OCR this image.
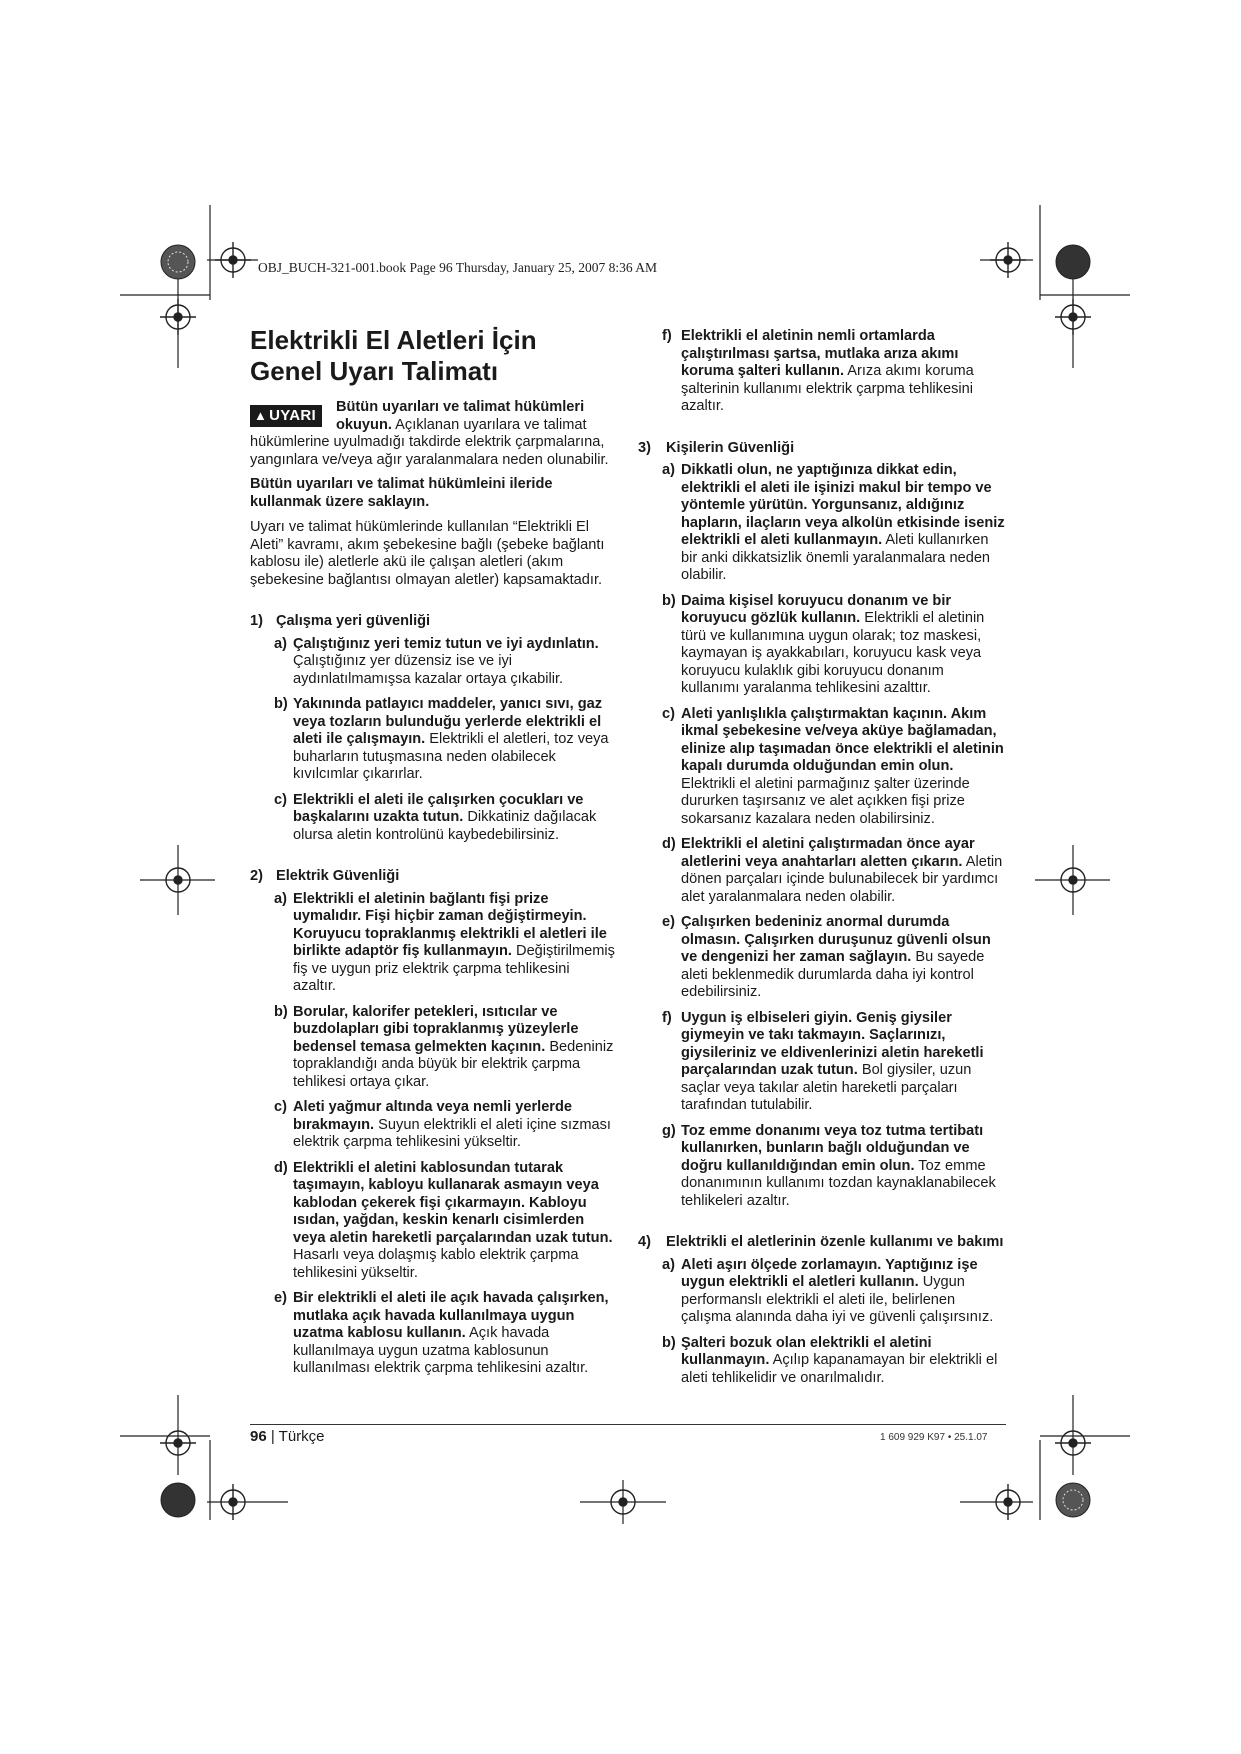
OBJ_BUCH-321-001.book Page 96 Thursday, January 25, 2007 8:36 AM
Elektrikli El Aletleri İçin
Genel Uyarı Talimatı
▲ UYARI	Bütün uyarıları ve talimat hükümleri okuyun. Açıklanan uyarılara ve talimat hükümlerine uyulmadığı takdirde elektrik çarpmalarına, yangınlara ve/veya ağır yaralanmalara neden olunabilir.

Bütün uyarıları ve talimat hükümleini ileride kullanmak üzere saklayın.

Uyarı ve talimat hükümlerinde kullanılan “Elektrikli El Aleti” kavramı, akım şebekesine bağlı (şebeke bağlantı kablosu ile) aletlerle akü ile çalışan aletleri (akım şebekesine bağlantısı olmayan aletler) kapsamaktadır.

1) Çalışma yeri güvenliği
a) Çalıştığınız yeri temiz tutun ve iyi aydınlatın. Çalıştığınız yer düzensiz ise ve iyi aydınlatılmamışsa kazalar ortaya çıkabilir.
b) Yakınında patlayıcı maddeler, yanıcı sıvı, gaz veya tozların bulunduğu yerlerde elektrikli el aleti ile çalışmayın. Elektrikli el aletleri, toz veya buharların tutuşmasına neden olabilecek kıvılcımlar çıkarırlar.
c) Elektrikli el aleti ile çalışırken çocukları ve başkalarını uzakta tutun. Dikkatiniz dağılacak olursa aletin kontrolünü kaybedebilirsiniz.
2) Elektrik Güvenliği
a) Elektrikli el aletinin bağlantı fişi prize uymalıdır. Fişi hiçbir zaman değiştirmeyin. Koruyucu topraklanmış elektrikli el aletleri ile birlikte adaptör fiş kullanmayın. Değiştirilmemiş fiş ve uygun priz elektrik çarpma tehlikesini azaltır.
b) Borular, kalorifer petekleri, ısıtıcılar ve buzdolapları gibi topraklanmış yüzeylerle bedensel temasa gelmekten kaçının. Bedeniniz topraklandığı anda büyük bir elektrik çarpma tehlikesi ortaya çıkar.
c) Aleti yağmur altında veya nemli yerlerde bırakmayın. Suyun elektrikli el aleti içine sızması elektrik çarpma tehlikesini yükseltir.
d) Elektrikli el aletini kablosundan tutarak taşımayın, kabloyu kullanarak asmayın veya kablodan çekerek fişi çıkarmayın. Kabloyu ısıdan, yağdan, keskin kenarlı cisimlerden veya aletin hareketli parçalarından uzak tutun. Hasarlı veya dolaşmış kablo elektrik çarpma tehlikesini yükseltir.
e) Bir elektrikli el aleti ile açık havada çalışırken, mutlaka açık havada kullanılmaya uygun uzatma kablosu kullanın. Açık havada kullanılmaya uygun uzatma kablosunun kullanılması elektrik çarpma tehlikesini azaltır.
f) Elektrikli el aletinin nemli ortamlarda çalıştırılması şartsa, mutlaka arıza akımı koruma şalteri kullanın. Arıza akımı koruma şalterinin kullanımı elektrik çarpma tehlikesini azaltır.
3)	Kişilerin Güvenliği
a) Dikkatli olun, ne yaptığınıza dikkat edin, elektrikli el aleti ile işinizi makul bir tempo ve yöntemle yürütün. Yorgunsanız, aldığınız hapların, ilaçların veya alkolün etkisinde iseniz elektrikli el aleti kullanmayın. Aleti kullanırken bir anki dikkatsizlik önemli yaralanmalara neden olabilir.
b) Daima kişisel koruyucu donanım ve bir koruyucu gözlük kullanın. Elektrikli el aletinin türü ve kullanımına uygun olarak; toz maskesi, kaymayan iş ayakkabıları, koruyucu kask veya koruyucu kulaklık gibi koruyucu donanım kullanımı yaralanma tehlikesini azalttır.
c) Aleti yanlışlıkla çalıştırmaktan kaçının. Akım ikmal şebekesine ve/veya aküye bağlamadan, elinize alıp taşımadan önce elektrikli el aletinin kapalı durumda olduğundan emin olun. Elektrikli el aletini parmağınız şalter üzerinde dururken taşırsanız ve alet açıkken fişi prize sokarsanız kazalara neden olabilirsiniz.
d) Elektrikli el aletini çalıştırmadan önce ayar aletlerini veya anahtarları aletten çıkarın. Aletin dönen parçaları içinde bulunabilecek bir yardımcı alet yaralanmalara neden olabilir.
e) Çalışırken bedeniniz anormal durumda olmasın. Çalışırken duruşunuz güvenli olsun ve dengenizi her zaman sağlayın. Bu sayede aleti beklenmedik durumlarda daha iyi kontrol edebilirsiniz.
f) Uygun iş elbiseleri giyin. Geniş giysiler giymeyin ve takı takmayın. Saçlarınızı, giysileriniz ve eldivenlerinizi aletin hareketli parçalarından uzak tutun. Bol giysiler, uzun saçlar veya takılar aletin hareketli parçaları tarafından tutulabilir.
g) Toz emme donanımı veya toz tutma tertibatı kullanırken, bunların bağlı olduğundan ve doğru kullanıldığından emin olun. Toz emme donanımının kullanımı tozdan kaynaklanabilecek tehlikeleri azaltır.
4)	Elektrikli el aletlerinin özenle kullanımı ve bakımı
a) Aleti aşırı ölçede zorlamayın. Yaptığınız işe uygun elektrikli el aletleri kullanın. Uygun performanslı elektrikli el aleti ile, belirlenen çalışma alanında daha iyi ve güvenli çalışırsınız.
b) Şalteri bozuk olan elektrikli el aletini kullanmayın. Açılıp kapanamayan bir elektrikli el aleti tehlikelidir ve onarılmalıdır.
96 | Türkçe	1 609 929 K97 • 25.1.07
